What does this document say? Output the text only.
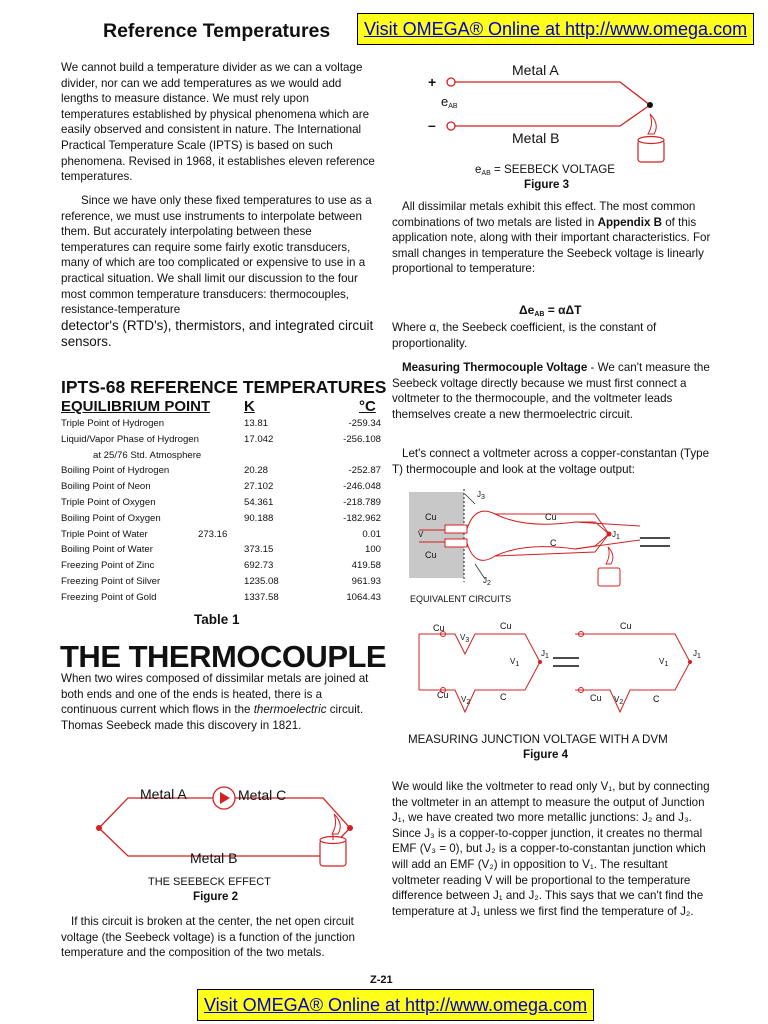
Reference Temperatures	Visit OMEGA® Online at http://www.omega.com
We cannot build a temperature divider as we can a voltage divider, nor can we add temperatures as we would add lengths to measure distance. We must rely upon temperatures established by physical phenomena which are easily observed and consistent in nature. The International Practical Temperature Scale (IPTS) is based on such phenomena. Revised in 1968, it establishes eleven reference temperatures.
Since we have only these fixed temperatures to use as a reference, we must use instruments to interpolate between them. But accurately interpolating between these temperatures can require some fairly exotic transducers, many of which are too complicated or expensive to use in a practical situation. We shall limit our discussion to the four most common temperature transducers: thermocouples, resistance-temperature
detector's (RTD's), thermistors, and integrated circuit sensors.
IPTS-68 REFERENCE TEMPERATURES
EQUILIBRIUM POINT K	°C
Triple Point of Hydrogen	13.81	-259.34
Liquid/Vapor Phase of Hydrogen	17.042	-256.108
at 25/76 Std. Atmosphere
Boiling Point of Hydrogen	20.28	-252.87
Boiling Point of Neon	27.102	-246.048
Triple Point of Oxygen	54.361	-218.789
Boiling Point of Oxygen	90.188	-182.962
Triple Point of Water	273.16	0.01
Boiling Point of Water	373.15	100
Freezing Point of Zinc	692.73	419.58
Freezing Point of Silver	1235.08	961.93
Freezing Point of Gold	1337.58	1064.43
Table 1
THE THERMOCOUPLE
When two wires composed of dissimilar metals are joined at both ends and one of the ends is heated, there is a continuous current which flows in the thermoelectric circuit. Thomas Seebeck made this discovery in 1821.
Metal A	Metal C
Metal B
THE SEEBECK EFFECT
Figure 2
If this circuit is broken at the center, the net open circuit voltage (the Seebeck voltage) is a function of the junction temperature and the composition of the two metals.
+
–
$e_{AB}$
Metal A
Metal B
$e_{AB}$ = SEEBECK VOLTAGE
Figure 3
All dissimilar metals exhibit this effect. The most common combinations of two metals are listed in Appendix B of this application note, along with their important characteristics. For small changes in temperature the Seebeck voltage is linearly proportional to temperature:
$\Delta e_{AB} = \alpha\Delta T$
Where α, the Seebeck coefficient, is the constant of proportionality.
Measuring Thermocouple Voltage - We can't measure the Seebeck voltage directly because we must first connect a voltmeter to the thermocouple, and the voltmeter leads themselves create a new thermoelectric circuit.
Let's connect a voltmeter across a copper-constantan (Type T) thermocouple and look at the voltage output:
Cu
Cu
V
Cu
C
J1
J3
J2
EQUIVALENT CIRCUITS
Cu	Cu
V3
V1
Cu	C
V2
J1
Cu
V1
J1
Cu	C
V2
MEASURING JUNCTION VOLTAGE WITH A DVM
Figure 4
We would like the voltmeter to read only V₁, but by connecting the voltmeter in an attempt to measure the output of Junction J₁, we have created two more metallic junctions: J₂ and J₃. Since J₃ is a copper-to-copper junction, it creates no thermal EMF (V₃ = 0), but J₂ is a copper-to-constantan junction which will add an EMF (V₂) in opposition to V₁. The resultant voltmeter reading V will be proportional to the temperature difference between J₁ and J₂. This says that we can't find the temperature at J₁ unless we first find the temperature of J₂.
Z-21
Visit OMEGA® Online at http://www.omega.com
